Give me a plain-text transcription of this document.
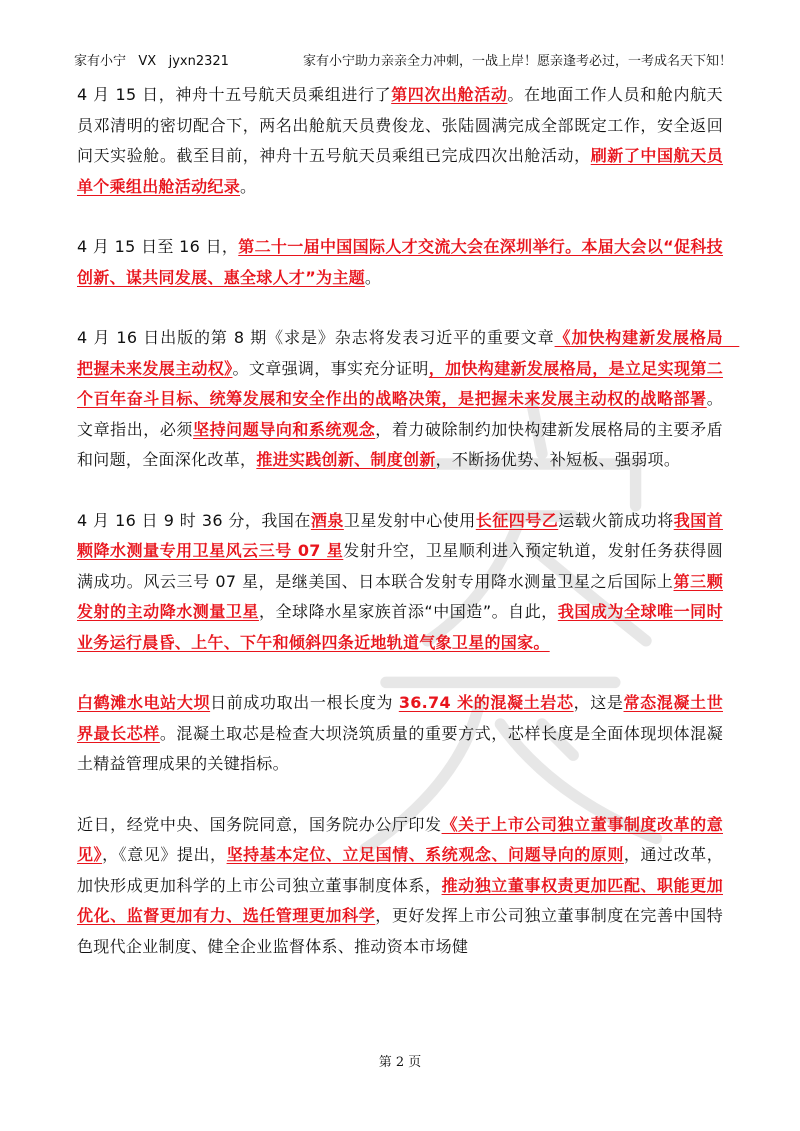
家有小宁   VX   jyxn2321	家有小宁助力亲亲全力冲刺，一战上岸！愿亲逢考必过，一考成名天下知！

4 月 15 日，神舟十五号航天员乘组进行了第四次出舱活动。在地面工作人员和舱内航天员邓清明的密切配合下，两名出舱航天员费俊龙、张陆圆满完成全部既定工作，安全返回问天实验舱。截至目前，神舟十五号航天员乘组已完成四次出舱活动，刷新了中国航天员单个乘组出舱活动纪录。

4 月 15 日至 16 日，第二十一届中国国际人才交流大会在深圳举行。本届大会以“促科技创新、谋共同发展、惠全球人才”为主题。

4 月 16 日出版的第 8 期《求是》杂志将发表习近平的重要文章《加快构建新发展格局　把握未来发展主动权》。文章强调，事实充分证明，加快构建新发展格局，是立足实现第二个百年奋斗目标、统筹发展和安全作出的战略决策，是把握未来发展主动权的战略部署。文章指出，必须坚持问题导向和系统观念，着力破除制约加快构建新发展格局的主要矛盾和问题，全面深化改革，推进实践创新、制度创新，不断扬优势、补短板、强弱项。

4 月 16 日 9 时 36 分，我国在酒泉卫星发射中心使用长征四号乙运载火箭成功将我国首颗降水测量专用卫星风云三号 07 星发射升空，卫星顺利进入预定轨道，发射任务获得圆满成功。风云三号 07 星，是继美国、日本联合发射专用降水测量卫星之后国际上第三颗发射的主动降水测量卫星，全球降水星家族首添“中国造”。自此，我国成为全球唯一同时业务运行晨昏、上午、下午和倾斜四条近地轨道气象卫星的国家。

白鹤滩水电站大坝日前成功取出一根长度为 36.74 米的混凝土岩芯，这是常态混凝土世界最长芯样。混凝土取芯是检查大坝浇筑质量的重要方式，芯样长度是全面体现坝体混凝土精益管理成果的关键指标。

近日，经党中央、国务院同意，国务院办公厅印发《关于上市公司独立董事制度改革的意见》，《意见》提出，坚持基本定位、立足国情、系统观念、问题导向的原则，通过改革，加快形成更加科学的上市公司独立董事制度体系，推动独立董事权责更加匹配、职能更加优化、监督更加有力、选任管理更加科学，更好发挥上市公司独立董事制度在完善中国特色现代企业制度、健全企业监督体系、推动资本市场健

第 2 页
